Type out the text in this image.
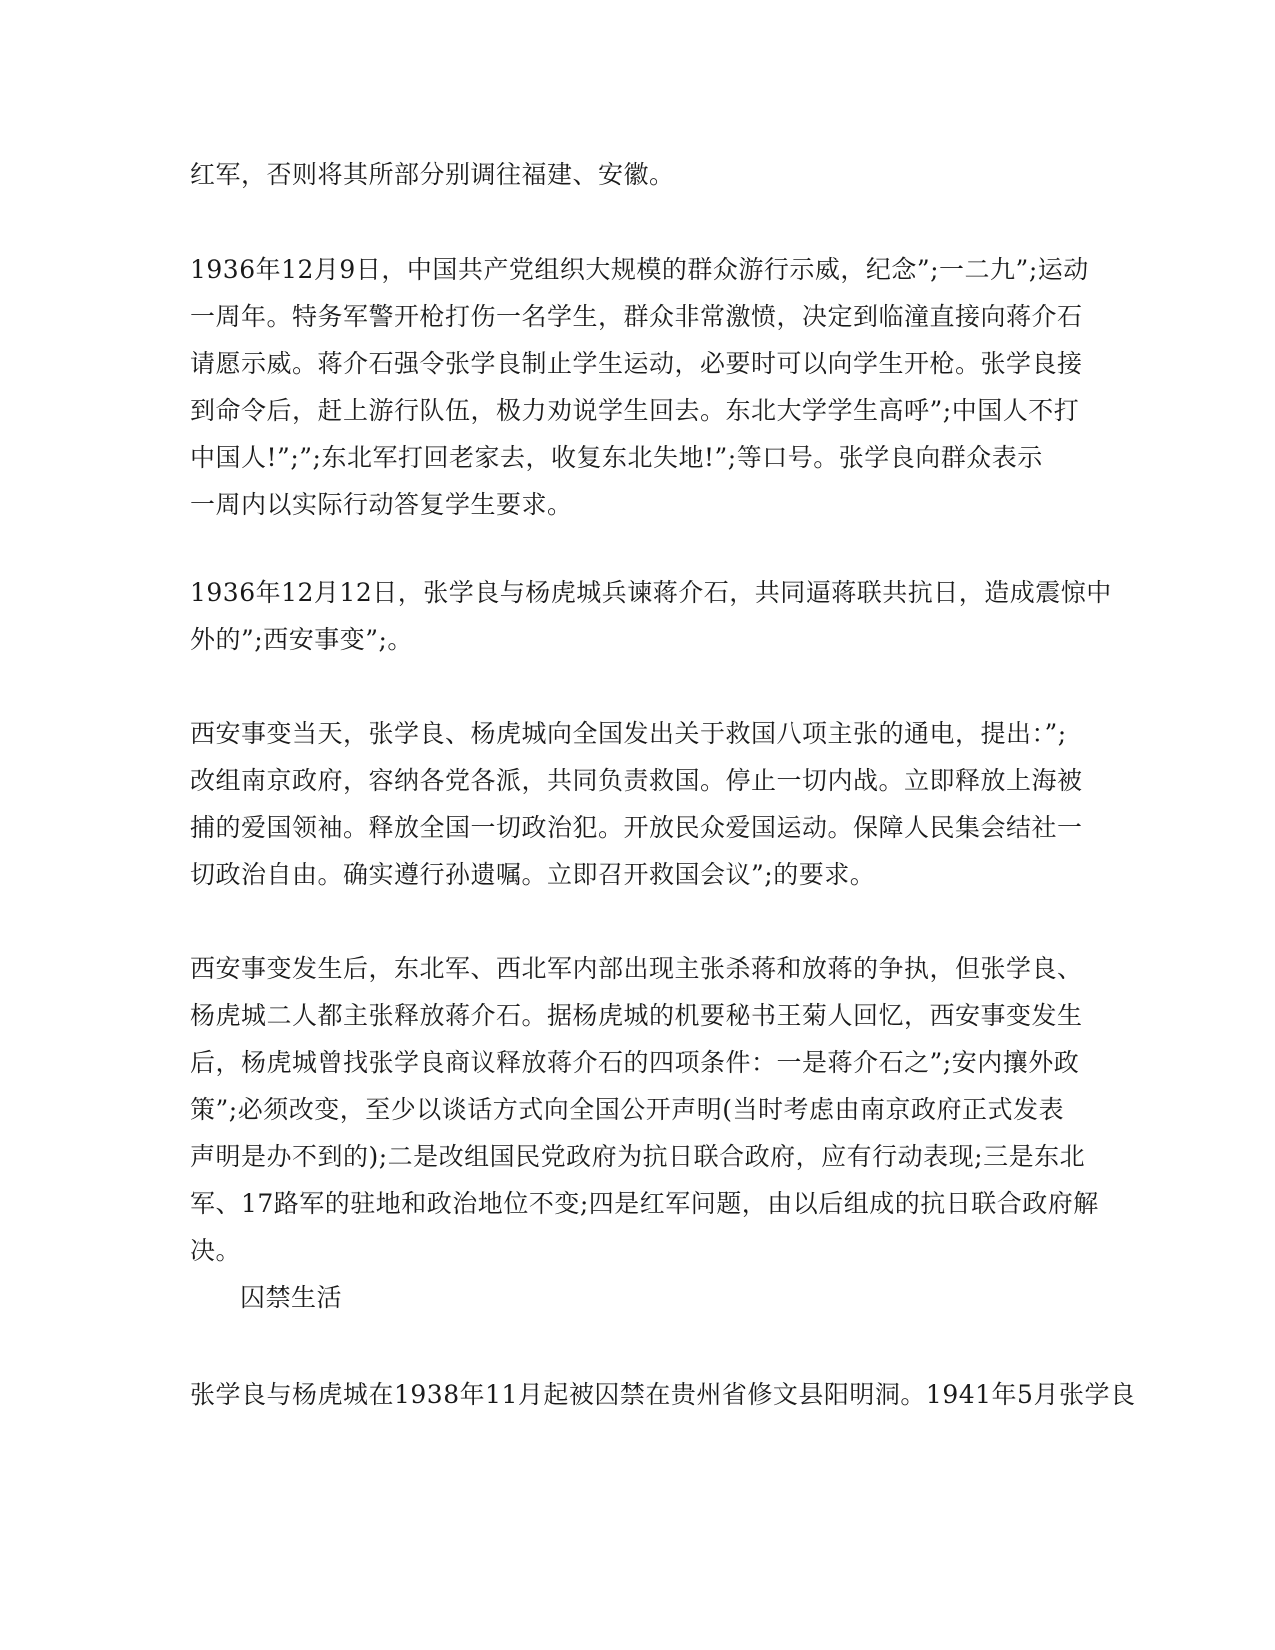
红军，否则将其所部分别调往福建、安徽。
1936年12月9日，中国共产党组织大规模的群众游行示威，纪念”;一二九”;运动
一周年。特务军警开枪打伤一名学生，群众非常激愤，决定到临潼直接向蒋介石
请愿示威。蒋介石强令张学良制止学生运动，必要时可以向学生开枪。张学良接
到命令后，赶上游行队伍，极力劝说学生回去。东北大学学生高呼”;中国人不打
中国人!”;”;东北军打回老家去，收复东北失地!”;等口号。张学良向群众表示
一周内以实际行动答复学生要求。
1936年12月12日，张学良与杨虎城兵谏蒋介石，共同逼蒋联共抗日，造成震惊中
外的”;西安事变”;。
西安事变当天，张学良、杨虎城向全国发出关于救国八项主张的通电，提出：”;
改组南京政府，容纳各党各派，共同负责救国。停止一切内战。立即释放上海被
捕的爱国领袖。释放全国一切政治犯。开放民众爱国运动。保障人民集会结社一
切政治自由。确实遵行孙遗嘱。立即召开救国会议”;的要求。
西安事变发生后，东北军、西北军内部出现主张杀蒋和放蒋的争执，但张学良、
杨虎城二人都主张释放蒋介石。据杨虎城的机要秘书王菊人回忆，西安事变发生
后，杨虎城曾找张学良商议释放蒋介石的四项条件：一是蒋介石之”;安内攘外政
策”;必须改变，至少以谈话方式向全国公开声明(当时考虑由南京政府正式发表
声明是办不到的);二是改组国民党政府为抗日联合政府，应有行动表现;三是东北
军、17路军的驻地和政治地位不变;四是红军问题，由以后组成的抗日联合政府解
决。
囚禁生活
张学良与杨虎城在1938年11月起被囚禁在贵州省修文县阳明洞。1941年5月张学良
